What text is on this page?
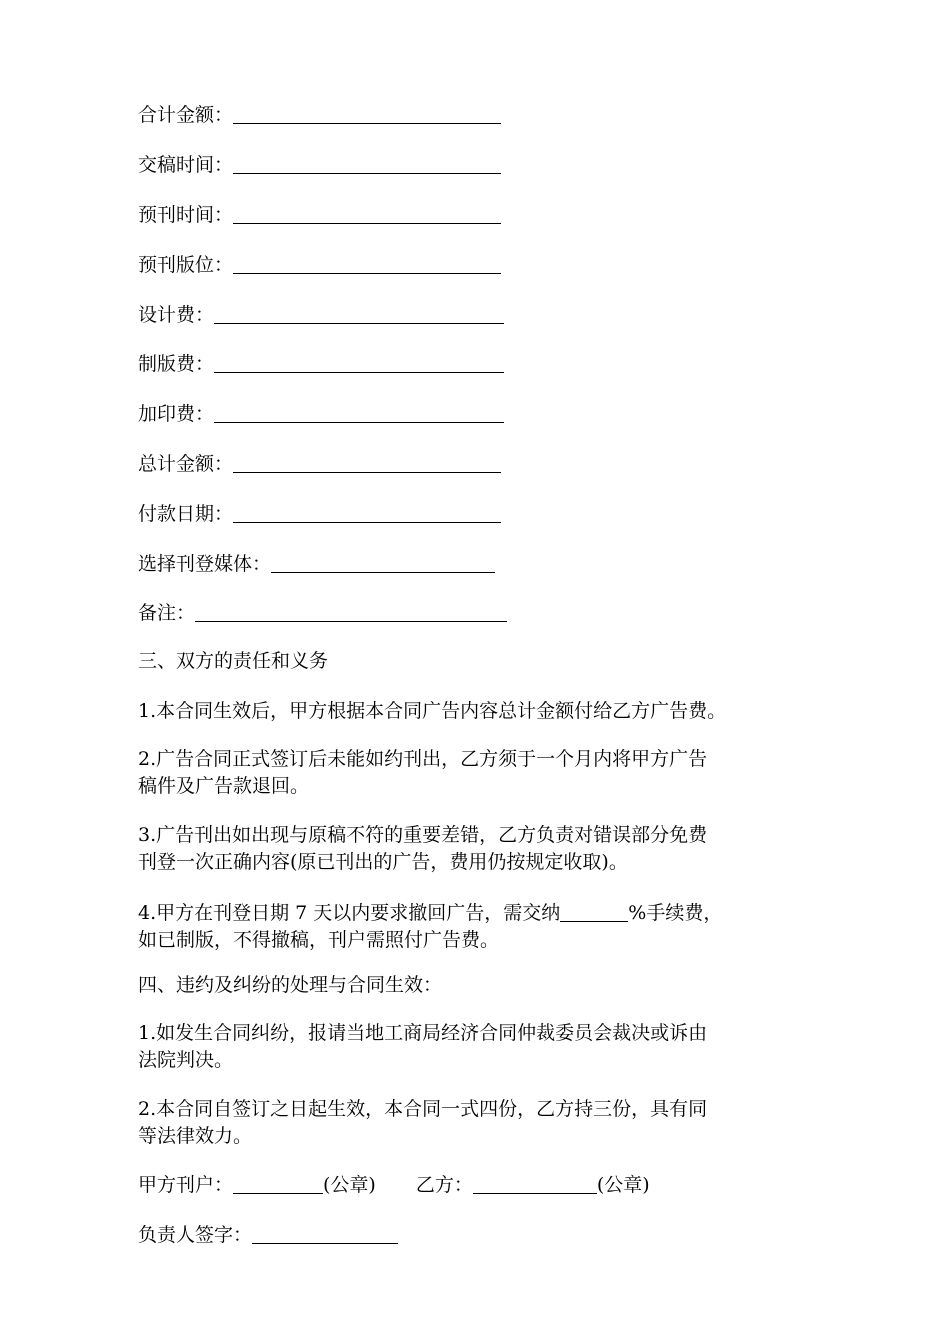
合计金额：
交稿时间：
预刊时间：
预刊版位：
设计费：
制版费：
加印费：
总计金额：
付款日期：
选择刊登媒体：
备注：
三、双方的责任和义务
1.本合同生效后，甲方根据本合同广告内容总计金额付给乙方广告费。
2.广告合同正式签订后未能如约刊出，乙方须于一个月内将甲方广告
稿件及广告款退回。
3.广告刊出如出现与原稿不符的重要差错，乙方负责对错误部分免费
刊登一次正确内容(原已刊出的广告，费用仍按规定收取)。
4.甲方在刊登日期 7 天以内要求撤回广告，需交纳	%手续费，
如已制版，不得撤稿，刊户需照付广告费。
四、违约及纠纷的处理与合同生效：
1.如发生合同纠纷，报请当地工商局经济合同仲裁委员会裁决或诉由
法院判决。
2.本合同自签订之日起生效，本合同一式四份，乙方持三份，具有同
等法律效力。
甲方刊户：	(公章) 乙方：	(公章)
负责人签字：
